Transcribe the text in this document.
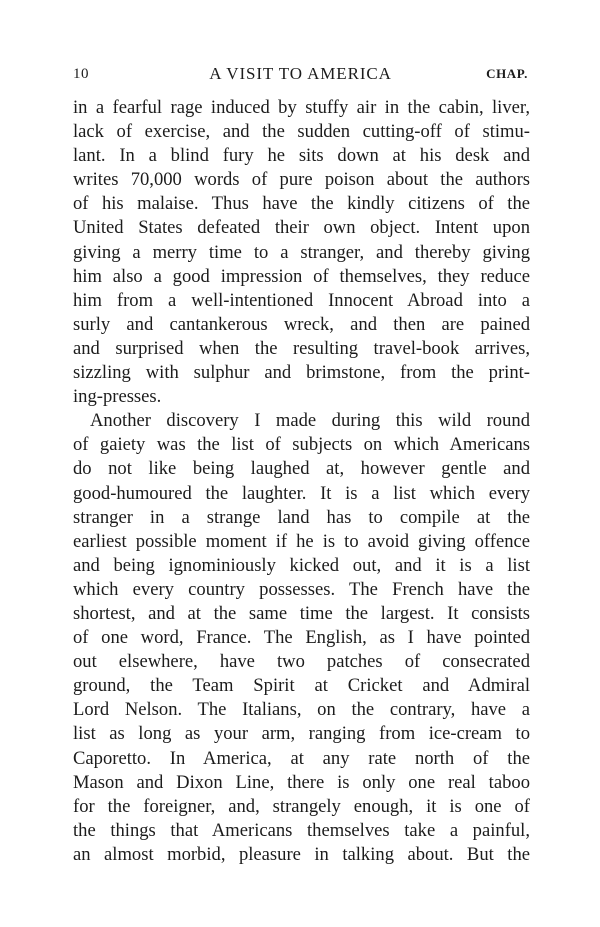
10	A VISIT TO AMERICA	CHAP.
in a fearful rage induced by stuffy air in the cabin, liver,
lack of exercise, and the sudden cutting-off of stimu-
lant. In a blind fury he sits down at his desk and
writes 70,000 words of pure poison about the authors
of his malaise. Thus have the kindly citizens of the
United States defeated their own object. Intent upon
giving a merry time to a stranger, and thereby giving
him also a good impression of themselves, they reduce
him from a well-intentioned Innocent Abroad into a
surly and cantankerous wreck, and then are pained
and surprised when the resulting travel-book arrives,
sizzling with sulphur and brimstone, from the print-
ing-presses.
Another discovery I made during this wild round
of gaiety was the list of subjects on which Americans
do not like being laughed at, however gentle and
good-humoured the laughter. It is a list which every
stranger in a strange land has to compile at the
earliest possible moment if he is to avoid giving offence
and being ignominiously kicked out, and it is a list
which every country possesses. The French have the
shortest, and at the same time the largest. It consists
of one word, France. The English, as I have pointed
out elsewhere, have two patches of consecrated
ground, the Team Spirit at Cricket and Admiral
Lord Nelson. The Italians, on the contrary, have a
list as long as your arm, ranging from ice-cream to
Caporetto. In America, at any rate north of the
Mason and Dixon Line, there is only one real taboo
for the foreigner, and, strangely enough, it is one of
the things that Americans themselves take a painful,
an almost morbid, pleasure in talking about. But the
